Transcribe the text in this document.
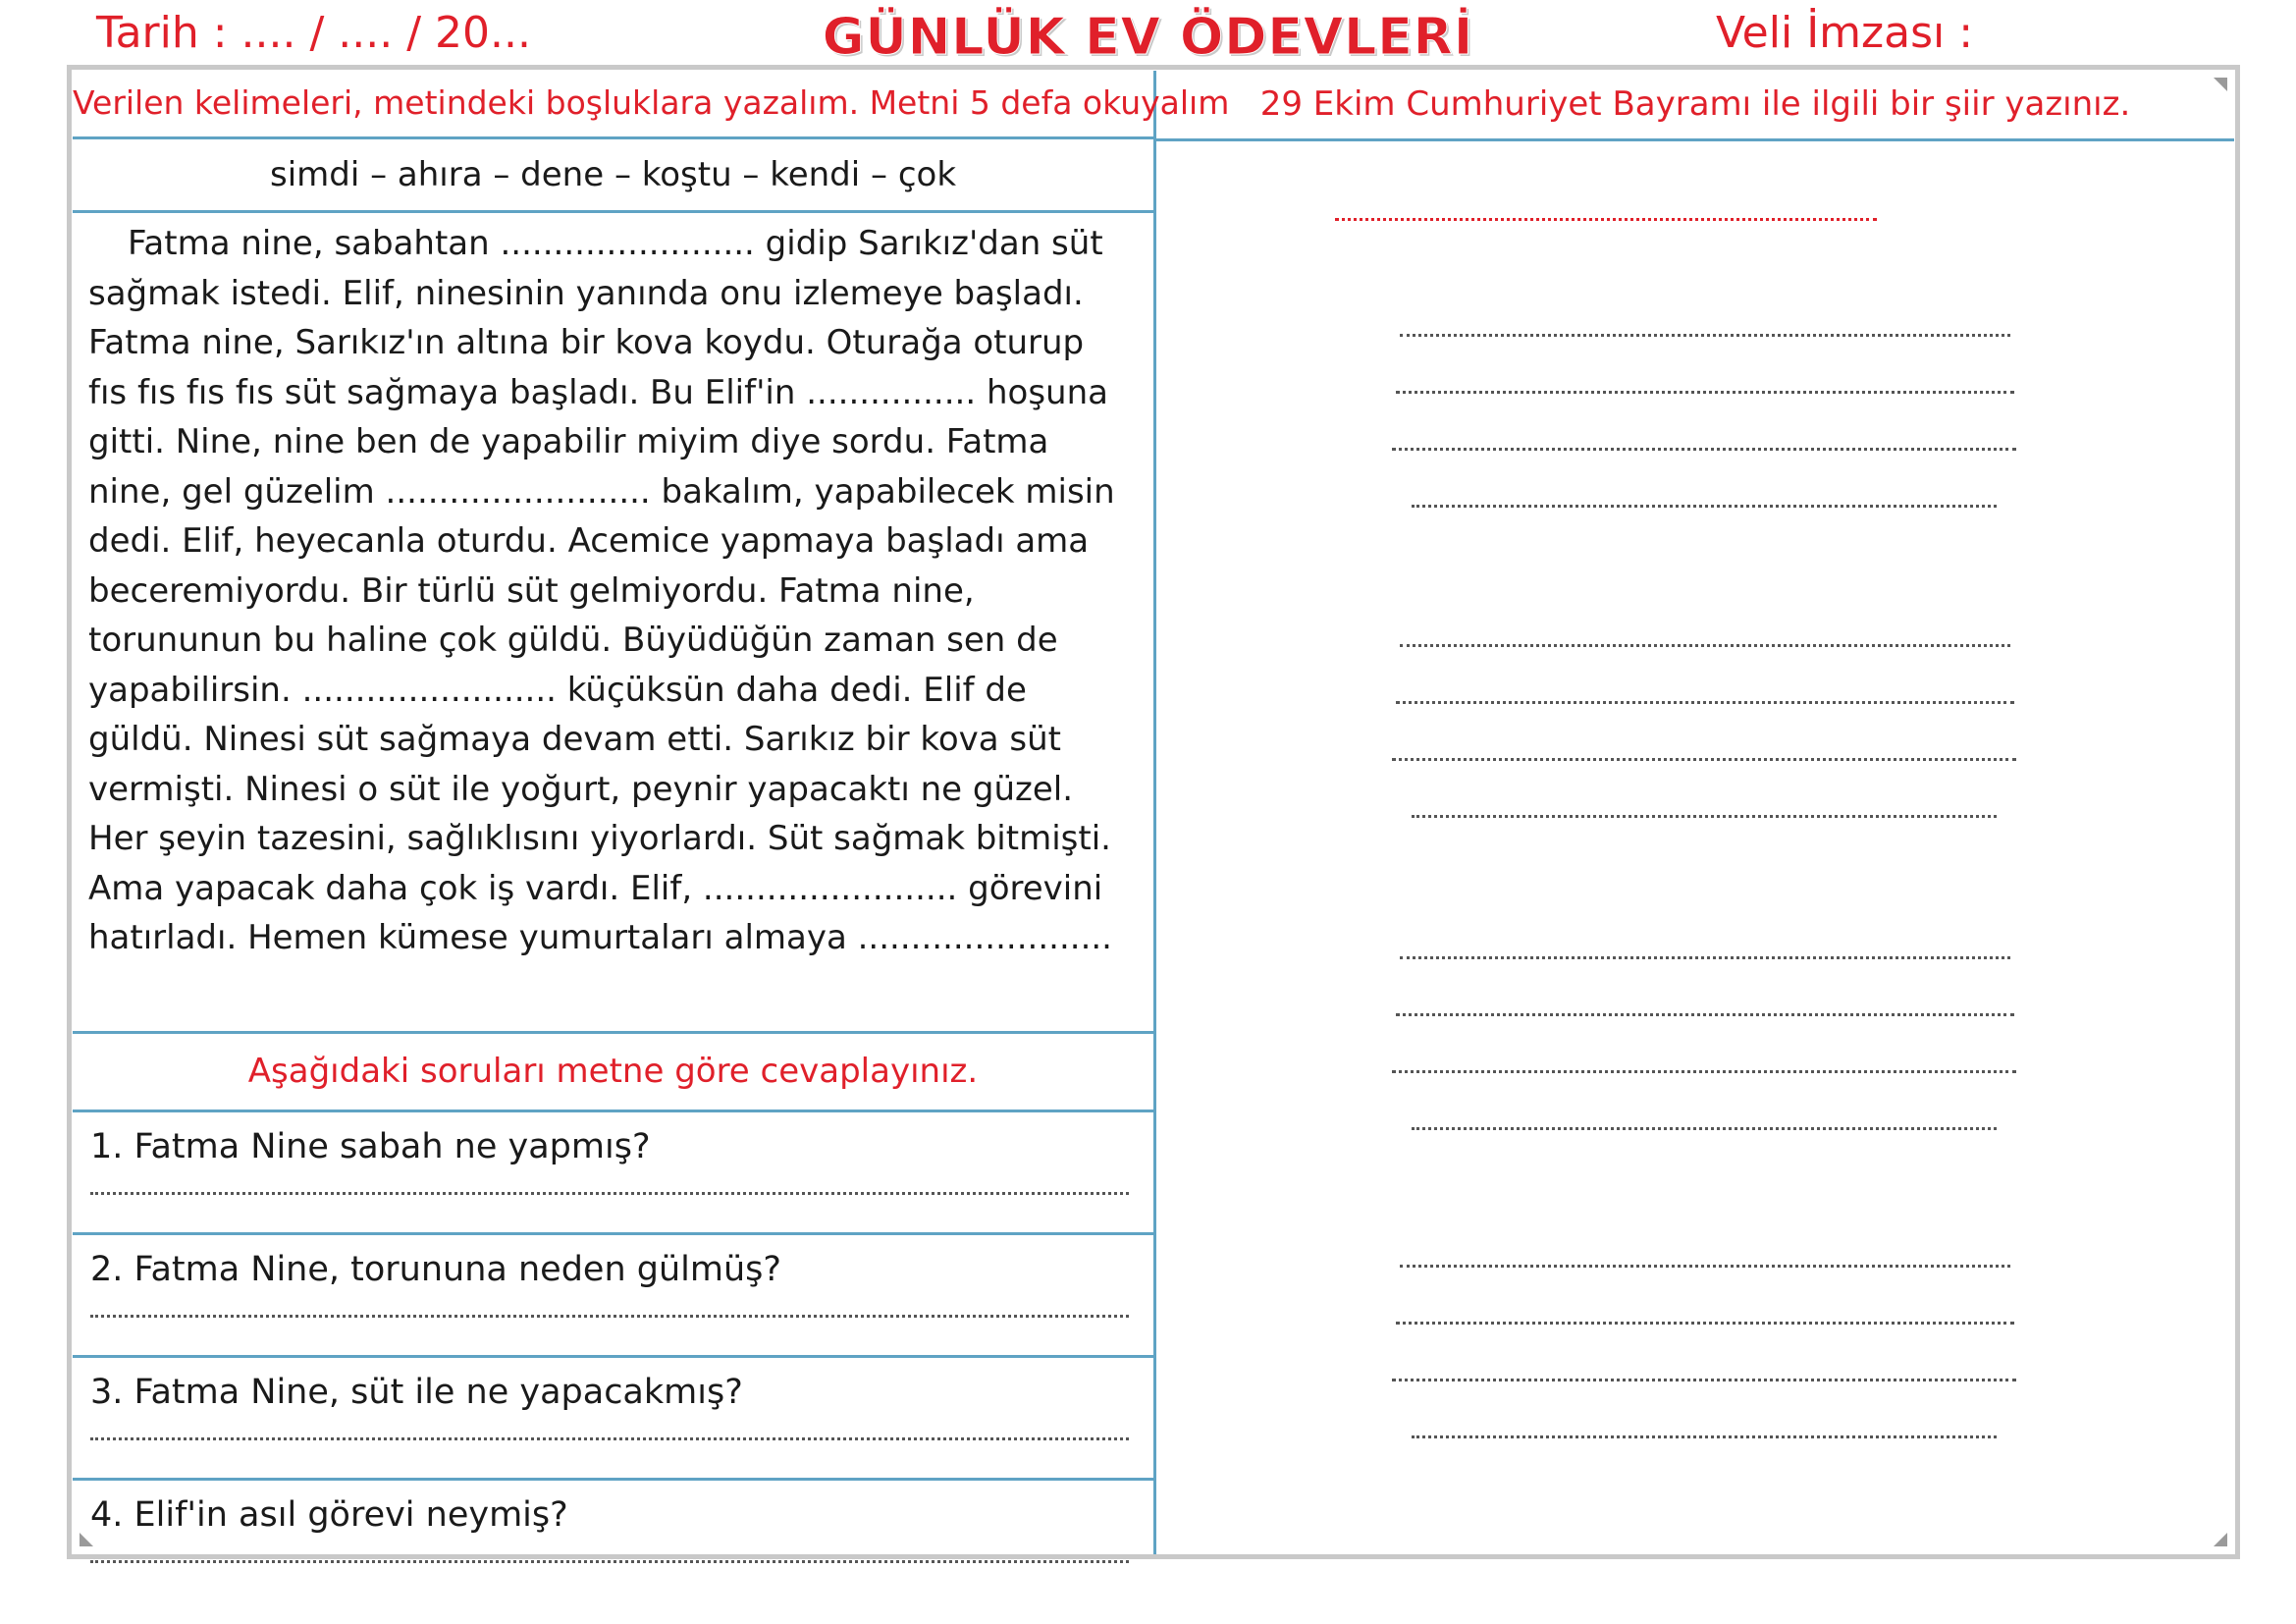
Tarih : .... / .... / 20...	GÜNLÜK EV ÖDEVLERİ	Veli İmzası :
Verilen kelimeleri, metindeki boşluklara yazalım. Metni 5 defa okuyalım
simdi – ahıra – dene – koştu – kendi – çok

Fatma nine, sabahtan ........................ gidip Sarıkız'dan süt sağmak istedi. Elif, ninesinin yanında onu izlemeye başladı. Fatma nine, Sarıkız'ın altına bir kova koydu. Oturağa oturup fıs fıs fıs fıs süt sağmaya başladı. Bu Elif'in ................ hoşuna gitti. Nine, nine ben de yapabilir miyim diye sordu. Fatma nine, gel güzelim ......................... bakalım, yapabilecek misin dedi. Elif, heyecanla oturdu. Acemice yapmaya başladı ama beceremiyordu. Bir türlü süt gelmiyordu. Fatma nine, torununun bu haline çok güldü. Büyüdüğün zaman sen de yapabilirsin. ........................ küçüksün daha dedi. Elif de güldü. Ninesi süt sağmaya devam etti. Sarıkız bir kova süt vermişti. Ninesi o süt ile yoğurt, peynir yapacaktı ne güzel. Her şeyin tazesini, sağlıklısını yiyorlardı. Süt sağmak bitmişti. Ama yapacak daha çok iş vardı. Elif, ........................ görevini hatırladı. Hemen kümese yumurtaları almaya ........................

Aşağıdaki soruları metne göre cevaplayınız.
1. Fatma Nine sabah ne yapmış?
2. Fatma Nine, torununa neden gülmüş?
3. Fatma Nine, süt ile ne yapacakmış?
4. Elif'in asıl görevi neymiş?
29 Ekim Cumhuriyet Bayramı ile ilgili bir şiir yazınız.
